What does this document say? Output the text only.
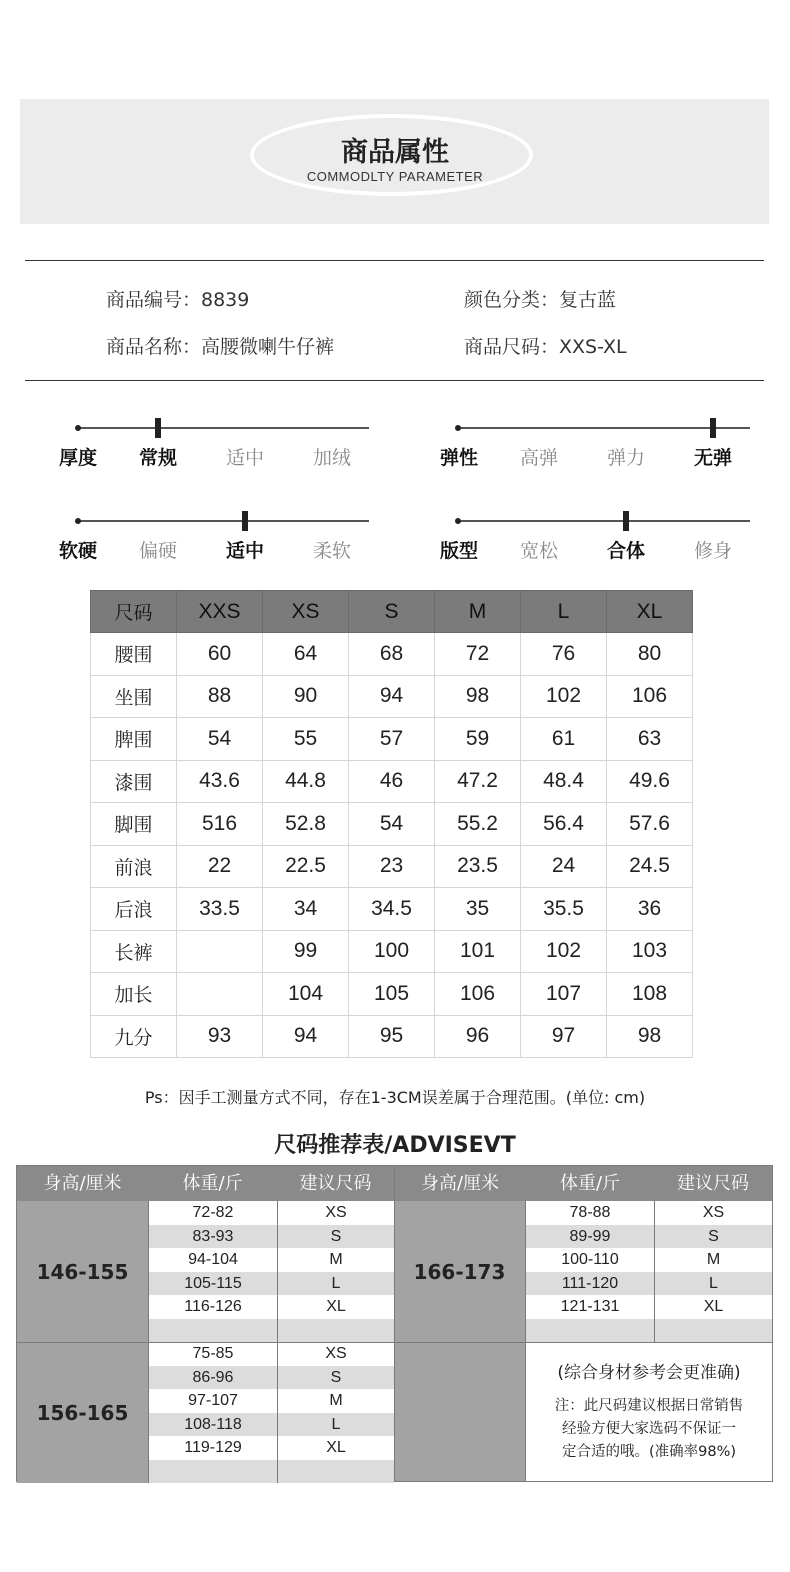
商品属性
COMMODLTY PARAMETER
商品编号：8839	颜色分类：复古蓝
商品名称：高腰微喇牛仔裤	商品尺码：XXS-XL
厚度 常规	适中	加绒	弹性 高弹	弹力	无弹
软硬 偏硬	适中	柔软	版型 宽松	合体	修身
尺码	XXS	XS	S	M	L	XL
腰围	60	64	68	72	76	80
坐围	88	90	94	98	102	106
脾围	54	55	57	59	61	63
漆围	43.6	44.8	46	47.2	48.4	49.6
脚围	516	52.8	54	55.2	56.4	57.6
前浪	22	22.5	23	23.5	24	24.5
后浪	33.5	34	34.5	35	35.5	36
长裤		99	100	101	102	103
加长		104	105	106	107	108
九分	93	94	95	96	97	98
Ps：因手工测量方式不同，存在1-3CM误差属于合理范围。(单位: cm)
尺码推荐表/ADVISEVT
身高/厘米	体重/斤	建议尺码	身高/厘米	体重/斤	建议尺码
146-155
72-82	XS
83-93	S
94-104	M
105-115	L
116-126	XL
166-173
78-88	XS
89-99	S
100-110	M
111-120	L
121-131	XL
156-165
75-85	XS
86-96	S
97-107	M
108-118	L
119-129	XL
(综合身材参考会更准确)
注：此尺码建议根据日常销售
经验方便大家选码不保证一
定合适的哦。(准确率98%)
